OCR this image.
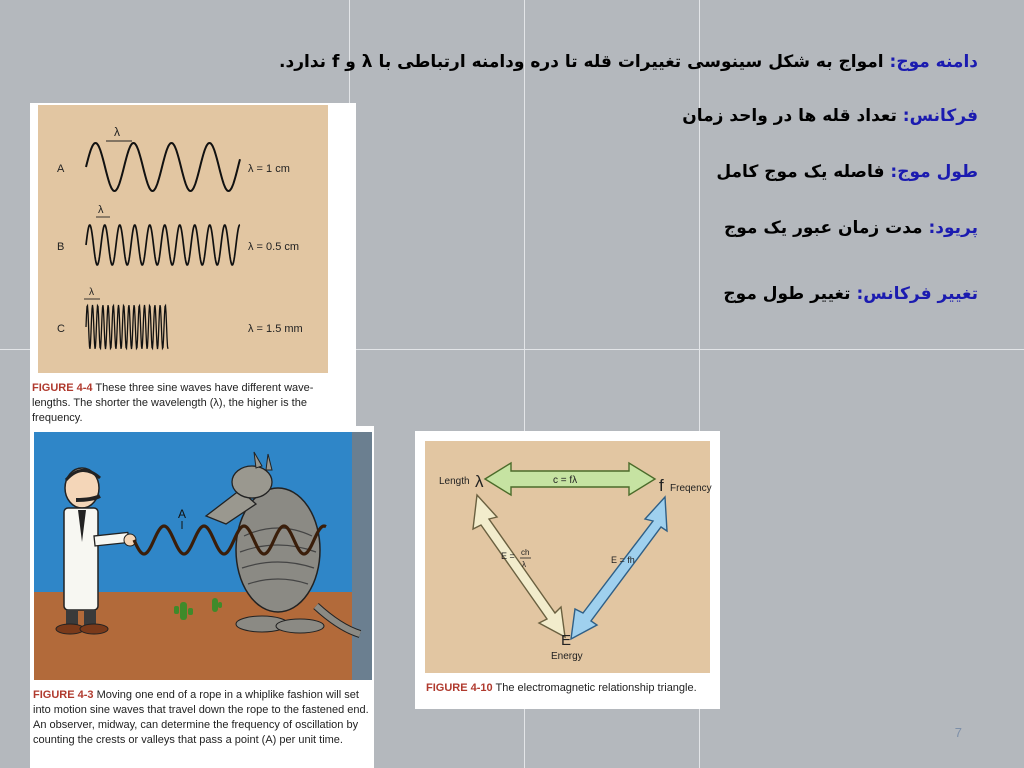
دامنه موج: امواج به شکل سینوسی تغییرات قله تا دره ودامنه ارتباطی با λ و f ندارد.
فرکانس: تعداد قله ها در واحد زمان
طول موج: فاصله یک موج کامل
پریود: مدت زمان عبور یک موج
تغییر فرکانس: تغییر طول موج
A
B
C
λ = 1 cm
λ = 0.5 cm
λ = 1.5 mm
λ
λ
λ
FIGURE 4-4 These three sine waves have different wave-lengths. The shorter the wavelength (λ), the higher is the frequency.
A
FIGURE 4-3 Moving one end of a rope in a whiplike fashion will set into motion sine waves that travel down the rope to the fastened end. An observer, midway, can determine the frequency of oscillation by counting the crests or valleys that pass a point (A) per unit time.
Length λ	f Freqency
E
Energy
c = fλ
E = ch
λ	E = fh
FIGURE 4-10 The electromagnetic relationship triangle.
7
